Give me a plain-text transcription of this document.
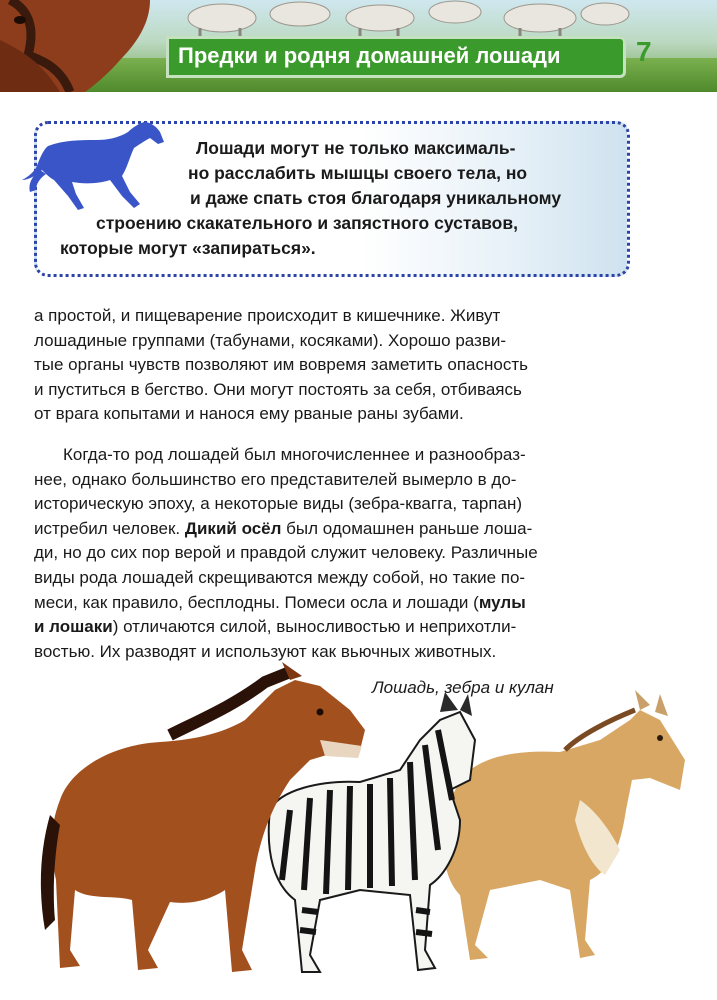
Предки и родня домашней лошади	7
Лошади могут не только максималь-
но расслабить мышцы своего тела, но
и даже спать стоя благодаря уникальному
строению скакательного и запястного суставов,
которые могут «запираться».
а простой, и пищеварение происходит в кишечнике. Живут
лошадиные группами (табунами, косяками). Хорошо разви-
тые органы чувств позволяют им вовремя заметить опасность
и пуститься в бегство. Они могут постоять за себя, отбиваясь
от врага копытами и нанося ему рваные раны зубами.
Когда-то род лошадей был многочисленнее и разнообраз-
нее, однако большинство его представителей вымерло в до-
историческую эпоху, а некоторые виды (зебра-квагга, тарпан)
истребил человек. Дикий осёл был одомашнен раньше лоша-
ди, но до сих пор верой и правдой служит человеку. Различные
виды рода лошадей скрещиваются между собой, но такие по-
меси, как правило, бесплодны. Помеси осла и лошади (мулы
и лошаки) отличаются силой, выносливостью и неприхотли-
востью. Их разводят и используют как вьючных животных.
Лошадь, зебра и кулан
